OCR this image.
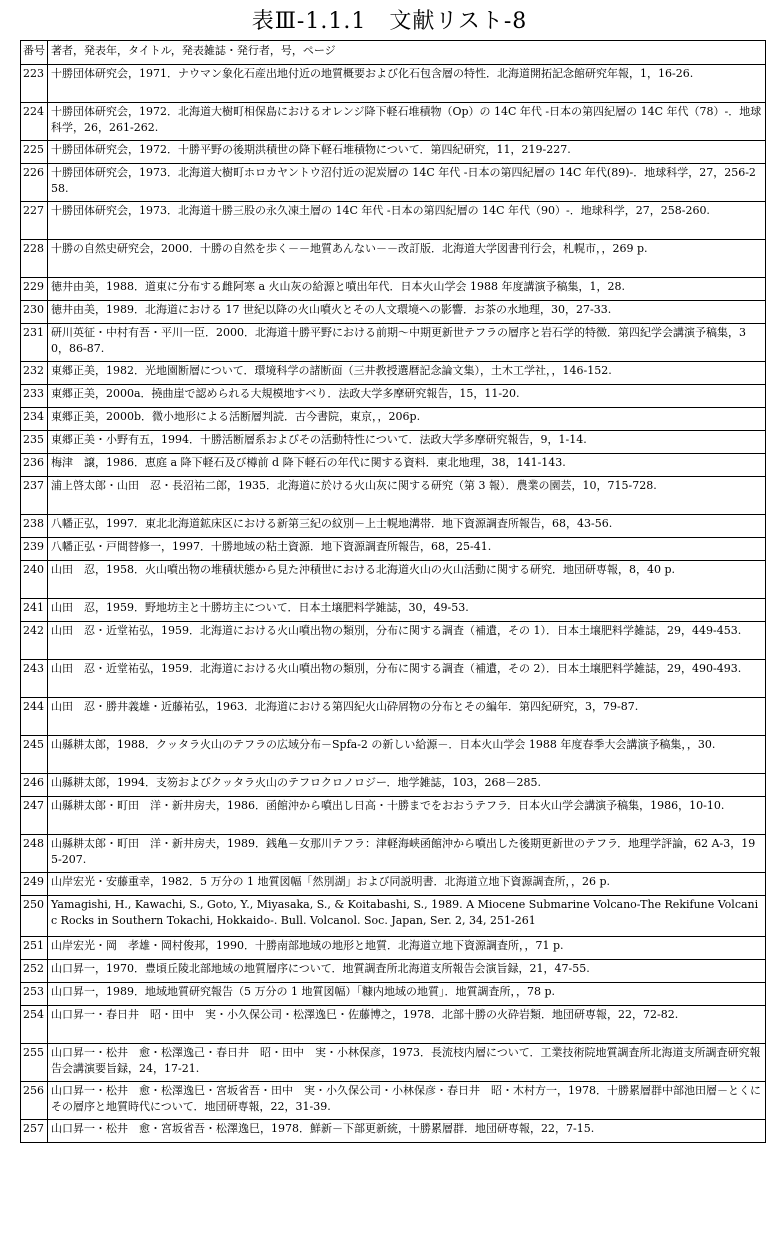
表Ⅲ-1.1.1　文献リスト-8
番号	著者，発表年，タイトル，発表雑誌・発行者，号，ページ
223	十勝団体研究会，1971．ナウマン象化石産出地付近の地質概要および化石包含層の特性．北海道開拓記念館研究年報，1，16-26.
224	十勝団体研究会，1972．北海道大樹町相保島におけるオレンジ降下軽石堆積物（Op）の 14C 年代 -日本の第四紀層の 14C 年代（78）-．地球科学，26，261-262.
225	十勝団体研究会，1972．十勝平野の後期洪積世の降下軽石堆積物について．第四紀研究，11，219-227.
226	十勝団体研究会，1973．北海道大樹町ホロカヤントウ沼付近の泥炭層の 14C 年代 -日本の第四紀層の 14C 年代(89)-．地球科学，27，256-258.
227	十勝団体研究会，1973．北海道十勝三股の永久凍土層の 14C 年代 -日本の第四紀層の 14C 年代（90）-．地球科学，27，258-260.
228	十勝の自然史研究会，2000．十勝の自然を歩く－－地質あんない－－改訂版．北海道大学図書刊行会，札幌市，，269 p.
229	徳井由美，1988．道東に分布する雌阿寒 a 火山灰の給源と噴出年代．日本火山学会 1988 年度講演予稿集，1，28.
230	徳井由美，1989．北海道における 17 世紀以降の火山噴火とその人文環境への影響．お茶の水地理，30，27-33.
231	研川英征・中村有吾・平川一臣．2000．北海道十勝平野における前期～中期更新世テフラの層序と岩石学的特徴．第四紀学会講演予稿集，30，86-87.
232	東郷正美，1982．光地園断層について．環境科学の諸断面（三井教授選暦記念論文集），土木工学社，，146-152.
233	東郷正美，2000a．撓曲崖で認められる大規模地すべり．法政大学多摩研究報告，15，11-20.
234	東郷正美，2000b．微小地形による活断層判読．古今書院，東京，，206p.
235	東郷正美・小野有五，1994．十勝活断層系およびその活動特性について．法政大学多摩研究報告，9，1-14.
236	梅津　譲，1986．恵庭 a 降下軽石及び樽前 d 降下軽石の年代に関する資料．東北地理，38，141-143.
237	浦上啓太郎・山田　忍・長沼祐二郎，1935．北海道に於ける火山灰に関する研究（第 3 報）．農業の園芸，10，715-728.
238	八幡正弘，1997．東北北海道鉱床区における新第三紀の紋別－上士幌地溝帯．地下資源調査所報告，68，43-56.
239	八幡正弘・戸間替修一，1997．十勝地域の粘土資源．地下資源調査所報告，68，25-41.
240	山田　忍，1958．火山噴出物の堆積状態から見た沖積世における北海道火山の火山活動に関する研究．地団研専報，8，40 p.
241	山田　忍，1959．野地坊主と十勝坊主について．日本土壌肥料学雑誌，30，49-53.
242	山田　忍・近堂祐弘，1959．北海道における火山噴出物の類別，分布に関する調査（補遺，その 1）．日本土壌肥料学雑誌，29，449-453.
243	山田　忍・近堂祐弘，1959．北海道における火山噴出物の類別，分布に関する調査（補遺，その 2）．日本土壌肥料学雑誌，29，490-493.
244	山田　忍・勝井義雄・近藤祐弘，1963．北海道における第四紀火山砕屑物の分布とその編年．第四紀研究，3，79-87.
245	山縣耕太郎，1988．クッタラ火山のテフラの広域分布－Spfa-2 の新しい給源－．日本火山学会 1988 年度春季大会講演予稿集，，30.
246	山縣耕太郎，1994．支笏およびクッタラ火山のテフロクロノロジー．地学雑誌，103，268－285.
247	山縣耕太郎・町田　洋・新井房夫，1986．函館沖から噴出し日高・十勝までをおおうテフラ．日本火山学会講演予稿集，1986，10-10.
248	山縣耕太郎・町田　洋・新井房夫，1989．銭亀－女那川テフラ：津軽海峡函館沖から噴出した後期更新世のテフラ．地理学評論，62 A-3，195-207.
249	山岸宏光・安藤重幸，1982．5 万分の 1 地質図幅「然別湖」および同説明書．北海道立地下資源調査所，，26 p.
250	Yamagishi, H., Kawachi, S., Goto, Y., Miyasaka, S., & Koitabashi, S., 1989. A Miocene Submarine Volcano-The Rekifune Volcanic Rocks in Southern Tokachi, Hokkaido-. Bull. Volcanol. Soc. Japan, Ser. 2, 34, 251-261
251	山岸宏光・岡　孝雄・岡村俊邦，1990．十勝南部地域の地形と地質．北海道立地下資源調査所，，71 p.
252	山口昇一，1970．豊頃丘陵北部地域の地質層序について．地質調査所北海道支所報告会演旨録，21，47-55.
253	山口昇一，1989．地域地質研究報告（5 万分の 1 地質図幅）「糠内地域の地質」．地質調査所，，78 p.
254	山口昇一・春日井　昭・田中　実・小久保公司・松澤逸巳・佐藤博之，1978．北部十勝の火砕岩類．地団研専報，22，72-82.
255	山口昇一・松井　愈・松澤逸己・春日井　昭・田中　実・小林保彦，1973．長流枝内層について．工業技術院地質調査所北海道支所調査研究報告会講演要旨録，24，17-21.
256	山口昇一・松井　愈・松澤逸巳・宮坂省吾・田中　実・小久保公司・小林保彦・春日井　昭・木村方一，1978．十勝累層群中部池田層－とくにその層序と地質時代について．地団研専報，22，31-39.
257	山口昇一・松井　愈・宮坂省吾・松澤逸巳，1978．鮮新－下部更新統，十勝累層群．地団研専報，22，7-15.
